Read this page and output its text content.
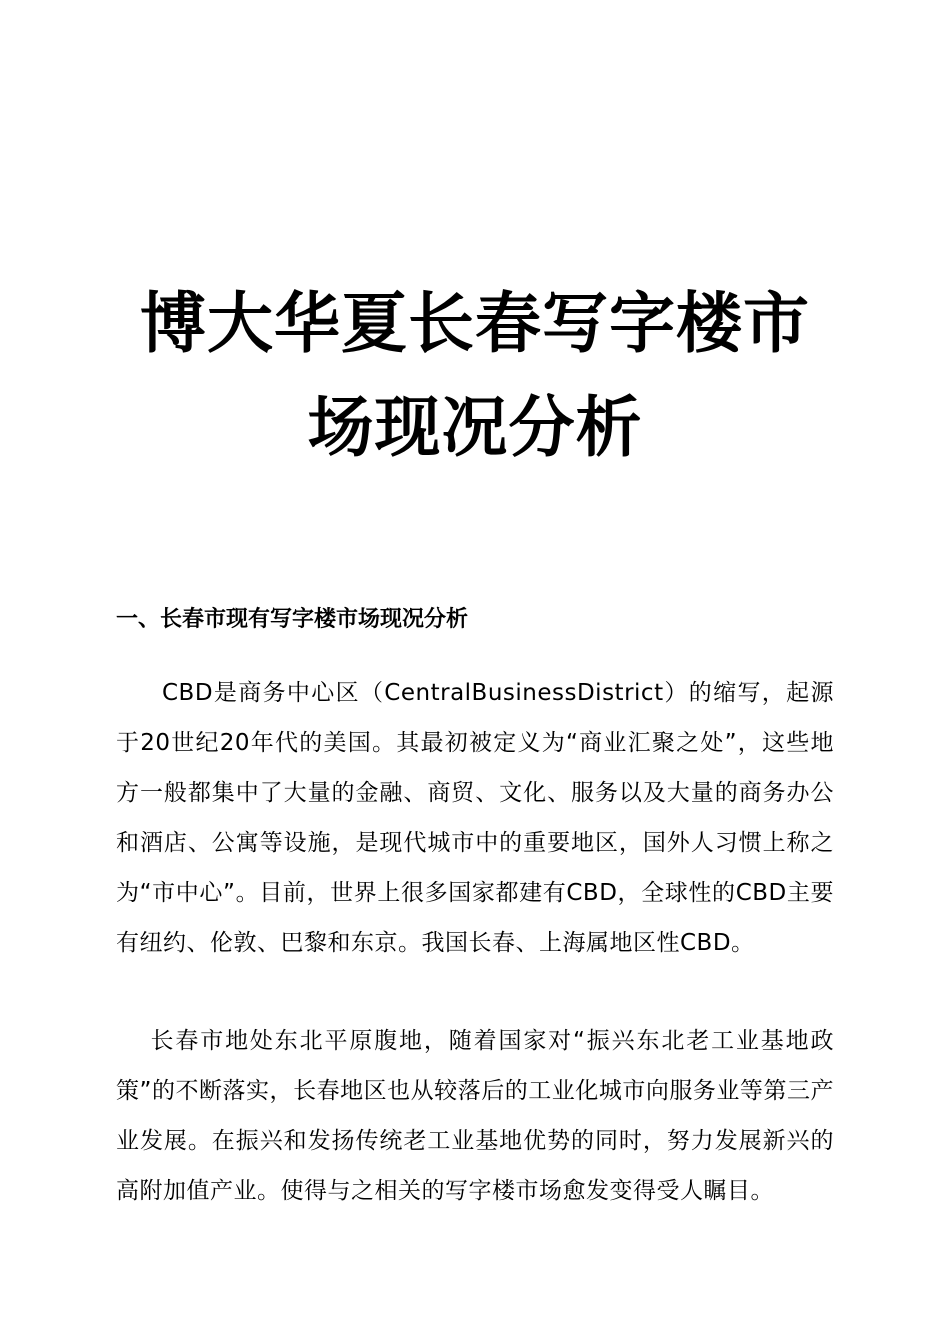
博大华夏长春写字楼市
场现况分析
一、长春市现有写字楼市场现况分析

CBD是商务中心区（CentralBusinessDistrict）的缩写，起源于20世纪20年代的美国。其最初被定义为“商业汇聚之处”，这些地方一般都集中了大量的金融、商贸、文化、服务以及大量的商务办公和酒店、公寓等设施，是现代城市中的重要地区，国外人习惯上称之为“市中心”。目前，世界上很多国家都建有CBD，全球性的CBD主要有纽约、伦敦、巴黎和东京。我国长春、上海属地区性CBD。

长春市地处东北平原腹地，随着国家对“振兴东北老工业基地政策”的不断落实，长春地区也从较落后的工业化城市向服务业等第三产业发展。在振兴和发扬传统老工业基地优势的同时，努力发展新兴的高附加值产业。使得与之相关的写字楼市场愈发变得受人瞩目。
